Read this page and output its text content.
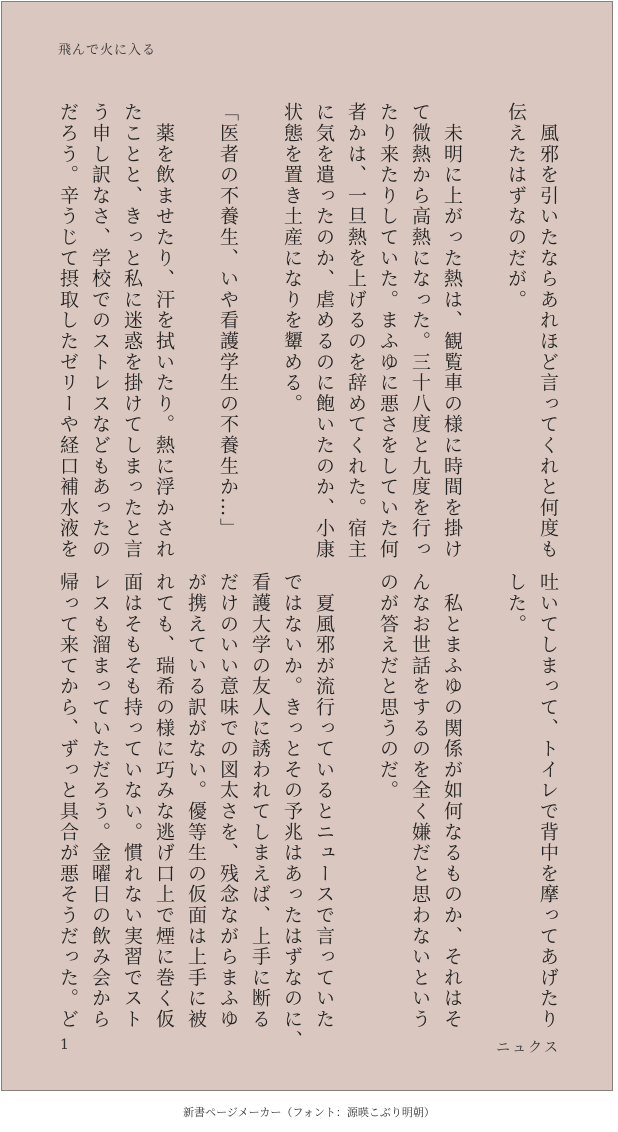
飛んで火に入る
　風邪を引いたならあれほど言ってくれと何度も
伝えたはずなのだが。
　未明に上がった熱は、観覧車の様に時間を掛け
て微熱から高熱になった。三十八度と九度を行っ
たり来たりしていた。まふゆに悪さをしていた何
者かは、一旦熱を上げるのを辞めてくれた。宿主
に気を遣ったのか、虐めるのに飽いたのか、小康
状態を置き土産になりを顰める。
「医者の不養生、いや看護学生の不養生か…」
　薬を飲ませたり、汗を拭いたり。熱に浮かされ
たことと、きっと私に迷惑を掛けてしまったと言
う申し訳なさ、学校でのストレスなどもあったの
だろう。辛うじて摂取したゼリーや経口補水液を
吐いてしまって、トイレで背中を摩ってあげたり
した。
　私とまふゆの関係が如何なるものか、それはそ
んなお世話をするのを全く嫌だと思わないという
のが答えだと思うのだ。
　夏風邪が流行っているとニュースで言っていた
ではないか。きっとその予兆はあったはずなのに、
看護大学の友人に誘われてしまえば、上手に断る
だけのいい意味での図太さを、残念ながらまふゆ
が携えている訳がない。優等生の仮面は上手に被
れても、瑞希の様に巧みな逃げ口上で煙に巻く仮
面はそもそも持っていない。慣れない実習でスト
レスも溜まっていただろう。金曜日の飲み会から
帰って来てから、ずっと具合が悪そうだった。ど
1	ニュクス
新書ページメーカー（フォント：源暎こぶり明朝）
